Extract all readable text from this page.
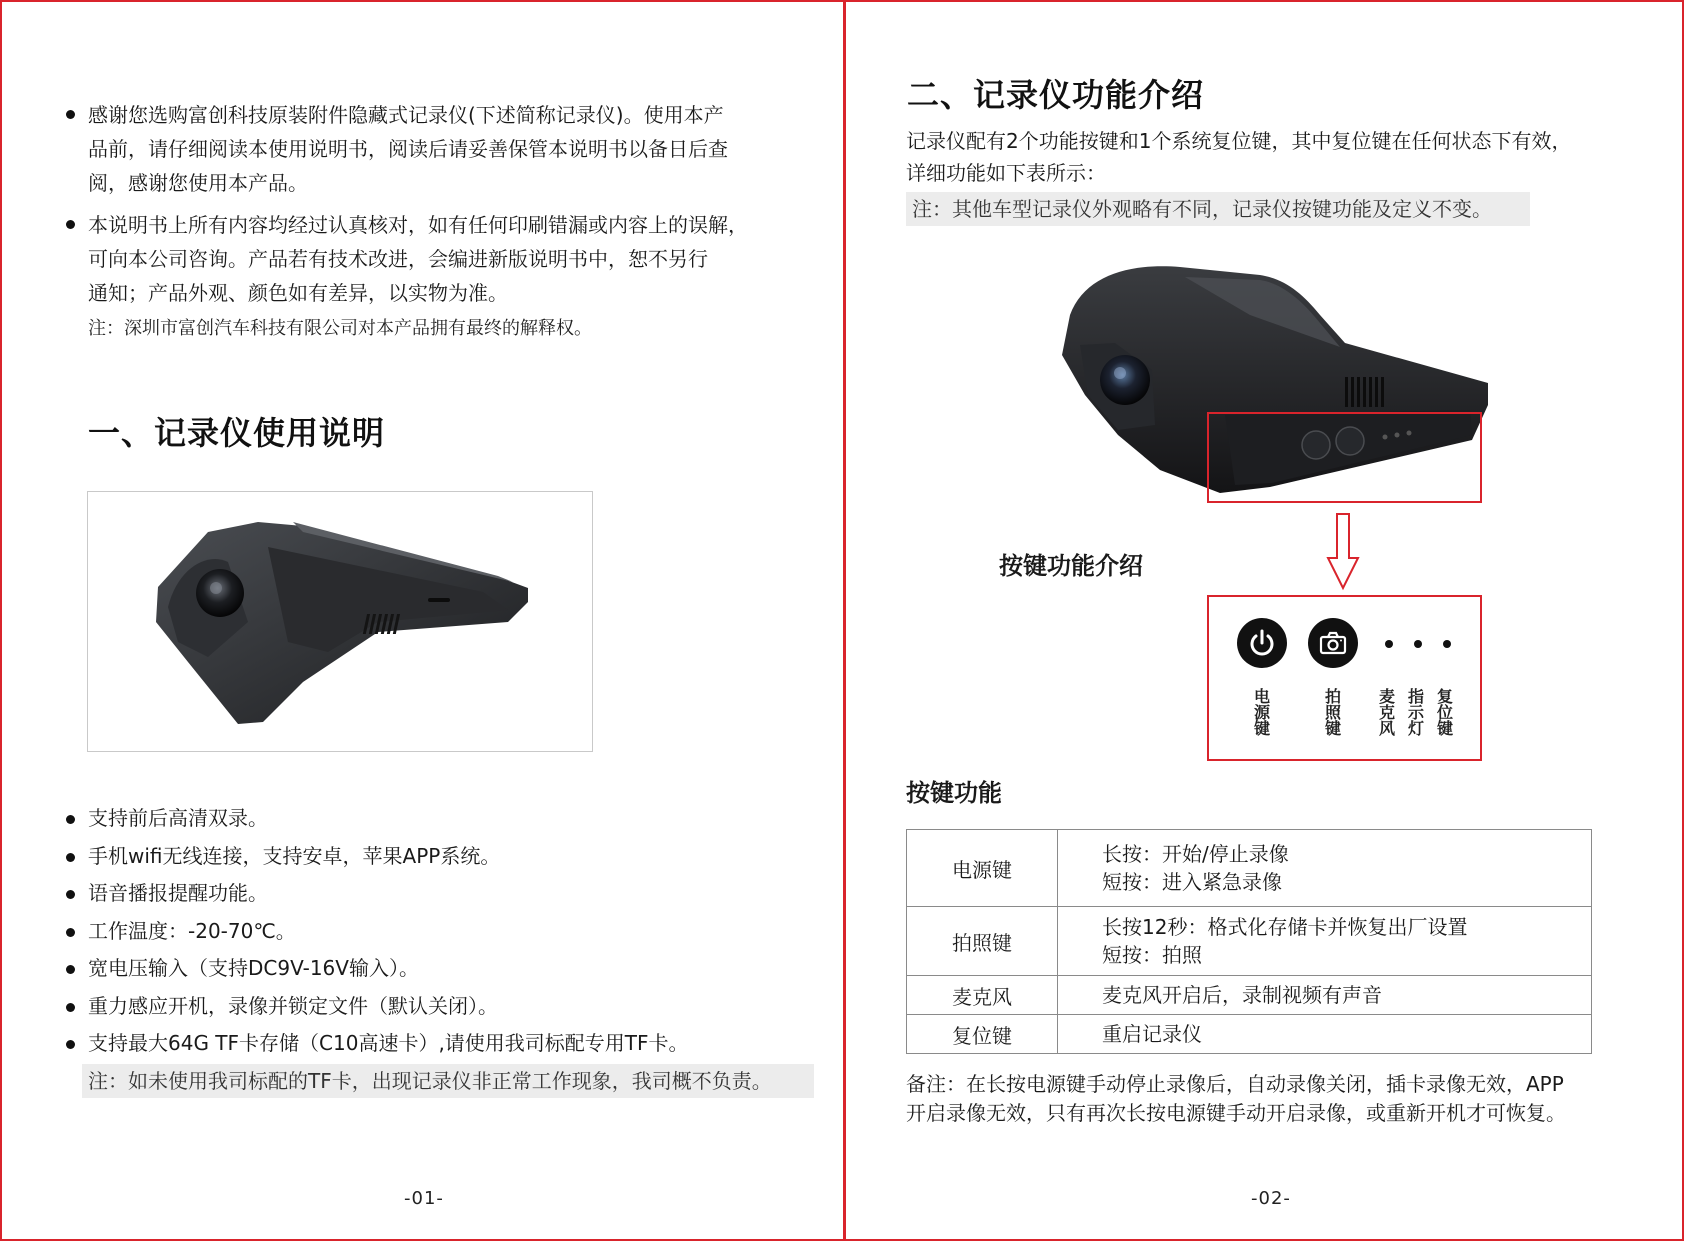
感谢您选购富创科技原装附件隐藏式记录仪(下述简称记录仪)。使用本产
品前，请仔细阅读本使用说明书，阅读后请妥善保管本说明书以备日后查
阅，感谢您使用本产品。
本说明书上所有内容均经过认真核对，如有任何印刷错漏或内容上的误解，
可向本公司咨询。产品若有技术改进，会编进新版说明书中，恕不另行
通知；产品外观、颜色如有差异，以实物为准。
注：深圳市富创汽车科技有限公司对本产品拥有最终的解释权。
一、记录仪使用说明
支持前后高清双录。
手机wifi无线连接，支持安卓，苹果APP系统。
语音播报提醒功能。
工作温度：-20-70℃。
宽电压输入（支持DC9V-16V输入）。
重力感应开机，录像并锁定文件（默认关闭）。
支持最大64G TF卡存储（C10高速卡）,请使用我司标配专用TF卡。
注：如未使用我司标配的TF卡，出现记录仪非正常工作现象，我司概不负责。
-01-
二、记录仪功能介绍
记录仪配有2个功能按键和1个系统复位键，其中复位键在任何状态下有效，
详细功能如下表所示：
注：其他车型记录仪外观略有不同，记录仪按键功能及定义不变。
按键功能介绍
电源键
拍照键
麦克风
指示灯
复位键
按键功能
电源键	长按：开始/停止录像
短按：进入紧急录像

拍照键	长按12秒：格式化存储卡并恢复出厂设置
短按：拍照

麦克风	麦克风开启后，录制视频有声音

复位键	重启记录仪
备注：在长按电源键手动停止录像后，自动录像关闭，插卡录像无效，APP
开启录像无效，只有再次长按电源键手动开启录像，或重新开机才可恢复。
-02-
